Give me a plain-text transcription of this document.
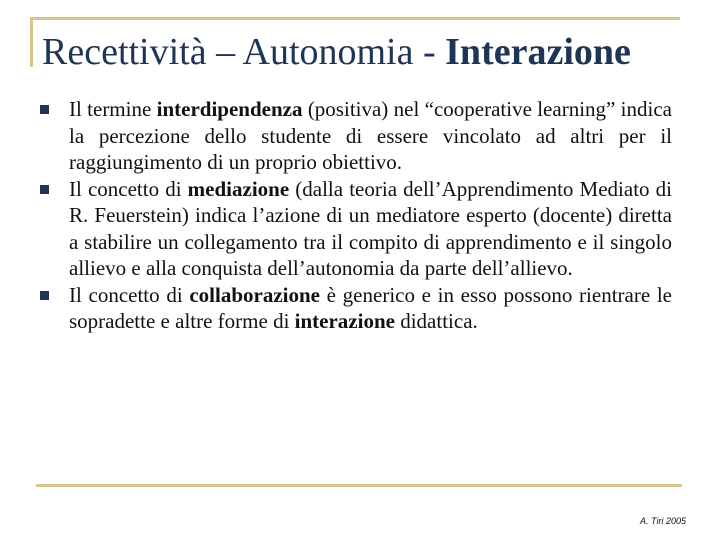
Recettività – Autonomia - Interazione
Il termine interdipendenza (positiva) nel “cooperative learning” indica la percezione dello studente di essere vincolato ad altri per il raggiungimento di un proprio obiettivo.
Il concetto di mediazione (dalla teoria dell’Apprendimento Mediato di R. Feuerstein) indica l’azione di un mediatore esperto (docente) diretta a stabilire un collegamento tra il compito di apprendimento e il singolo allievo e alla conquista dell’autonomia da parte dell’allievo.
Il concetto di collaborazione è generico e in esso possono rientrare le sopradette e altre forme di interazione didattica.
A. Tiri 2005
